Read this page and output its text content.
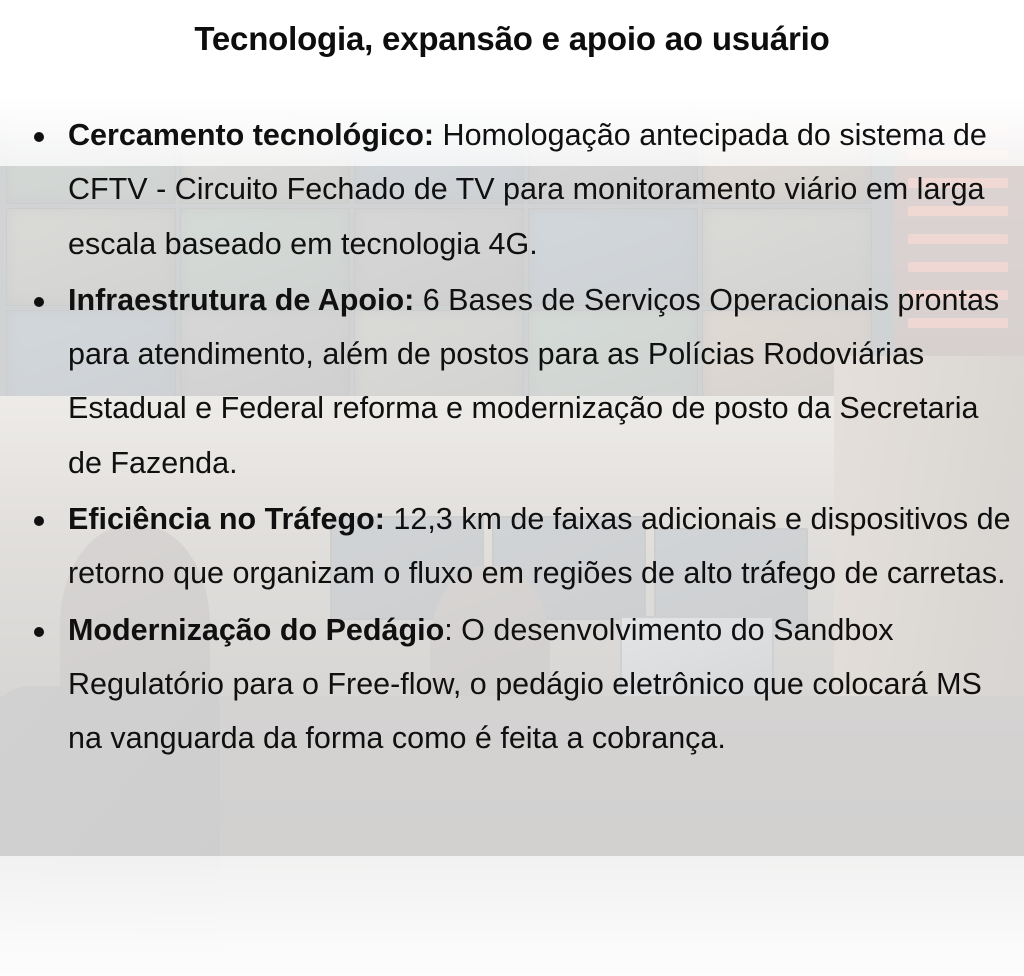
Tecnologia, expansão e apoio ao usuário
Cercamento tecnológico: Homologação antecipada do sistema de CFTV - Circuito Fechado de TV para monitoramento viário em larga escala baseado em tecnologia 4G.
Infraestrutura de Apoio: 6 Bases de Serviços Operacionais prontas para atendimento, além de postos para as Polícias Rodoviárias Estadual e Federal reforma e modernização de posto da Secretaria de Fazenda.
Eficiência no Tráfego: 12,3 km de faixas adicionais e dispositivos de retorno que organizam o fluxo em regiões de alto tráfego de carretas.
Modernização do Pedágio: O desenvolvimento do Sandbox Regulatório para o Free-flow, o pedágio eletrônico que colocará MS na vanguarda da forma como é feita a cobrança.
